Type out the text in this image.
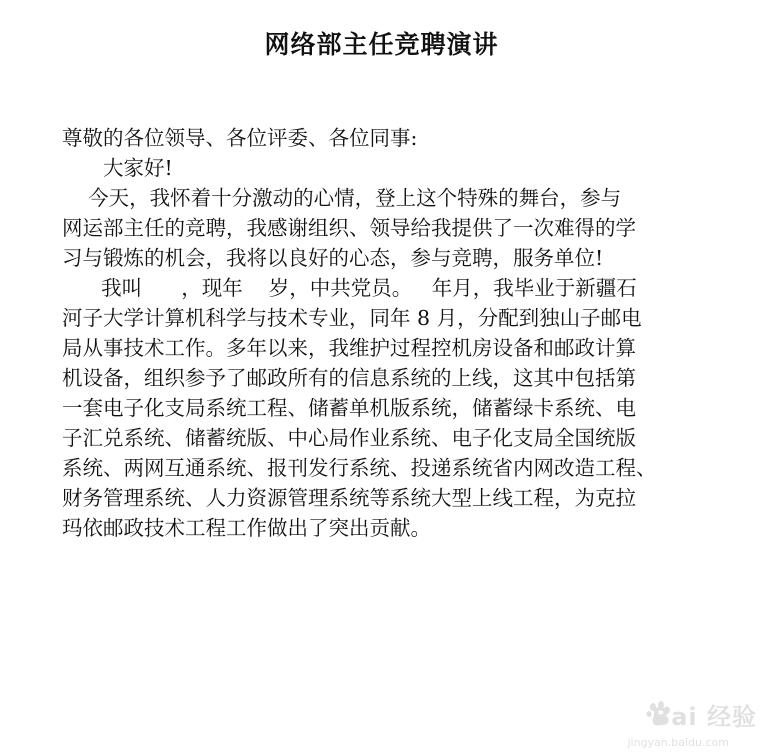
网络部主任竞聘演讲
尊敬的各位领导、各位评委、各位同事:
大家好!
今天，我怀着十分激动的心情，登上这个特殊的舞台，参与
网运部主任的竞聘，我感谢组织、领导给我提供了一次难得的学
习与锻炼的机会，我将以良好的心态，参与竞聘，服务单位!
我叫      ，现年    岁，中共党员。   年月，我毕业于新疆石
河子大学计算机科学与技术专业，同年 8 月，分配到独山子邮电
局从事技术工作。多年以来，我维护过程控机房设备和邮政计算
机设备，组织参予了邮政所有的信息系统的上线，这其中包括第
一套电子化支局系统工程、储蓄单机版系统，储蓄绿卡系统、电
子汇兑系统、储蓄统版、中心局作业系统、电子化支局全国统版
系统、两网互通系统、报刊发行系统、投递系统省内网改造工程、
财务管理系统、人力资源管理系统等系统大型上线工程，为克拉
玛依邮政技术工程工作做出了突出贡献。
Bai 经验
jingyan.baidu.com
